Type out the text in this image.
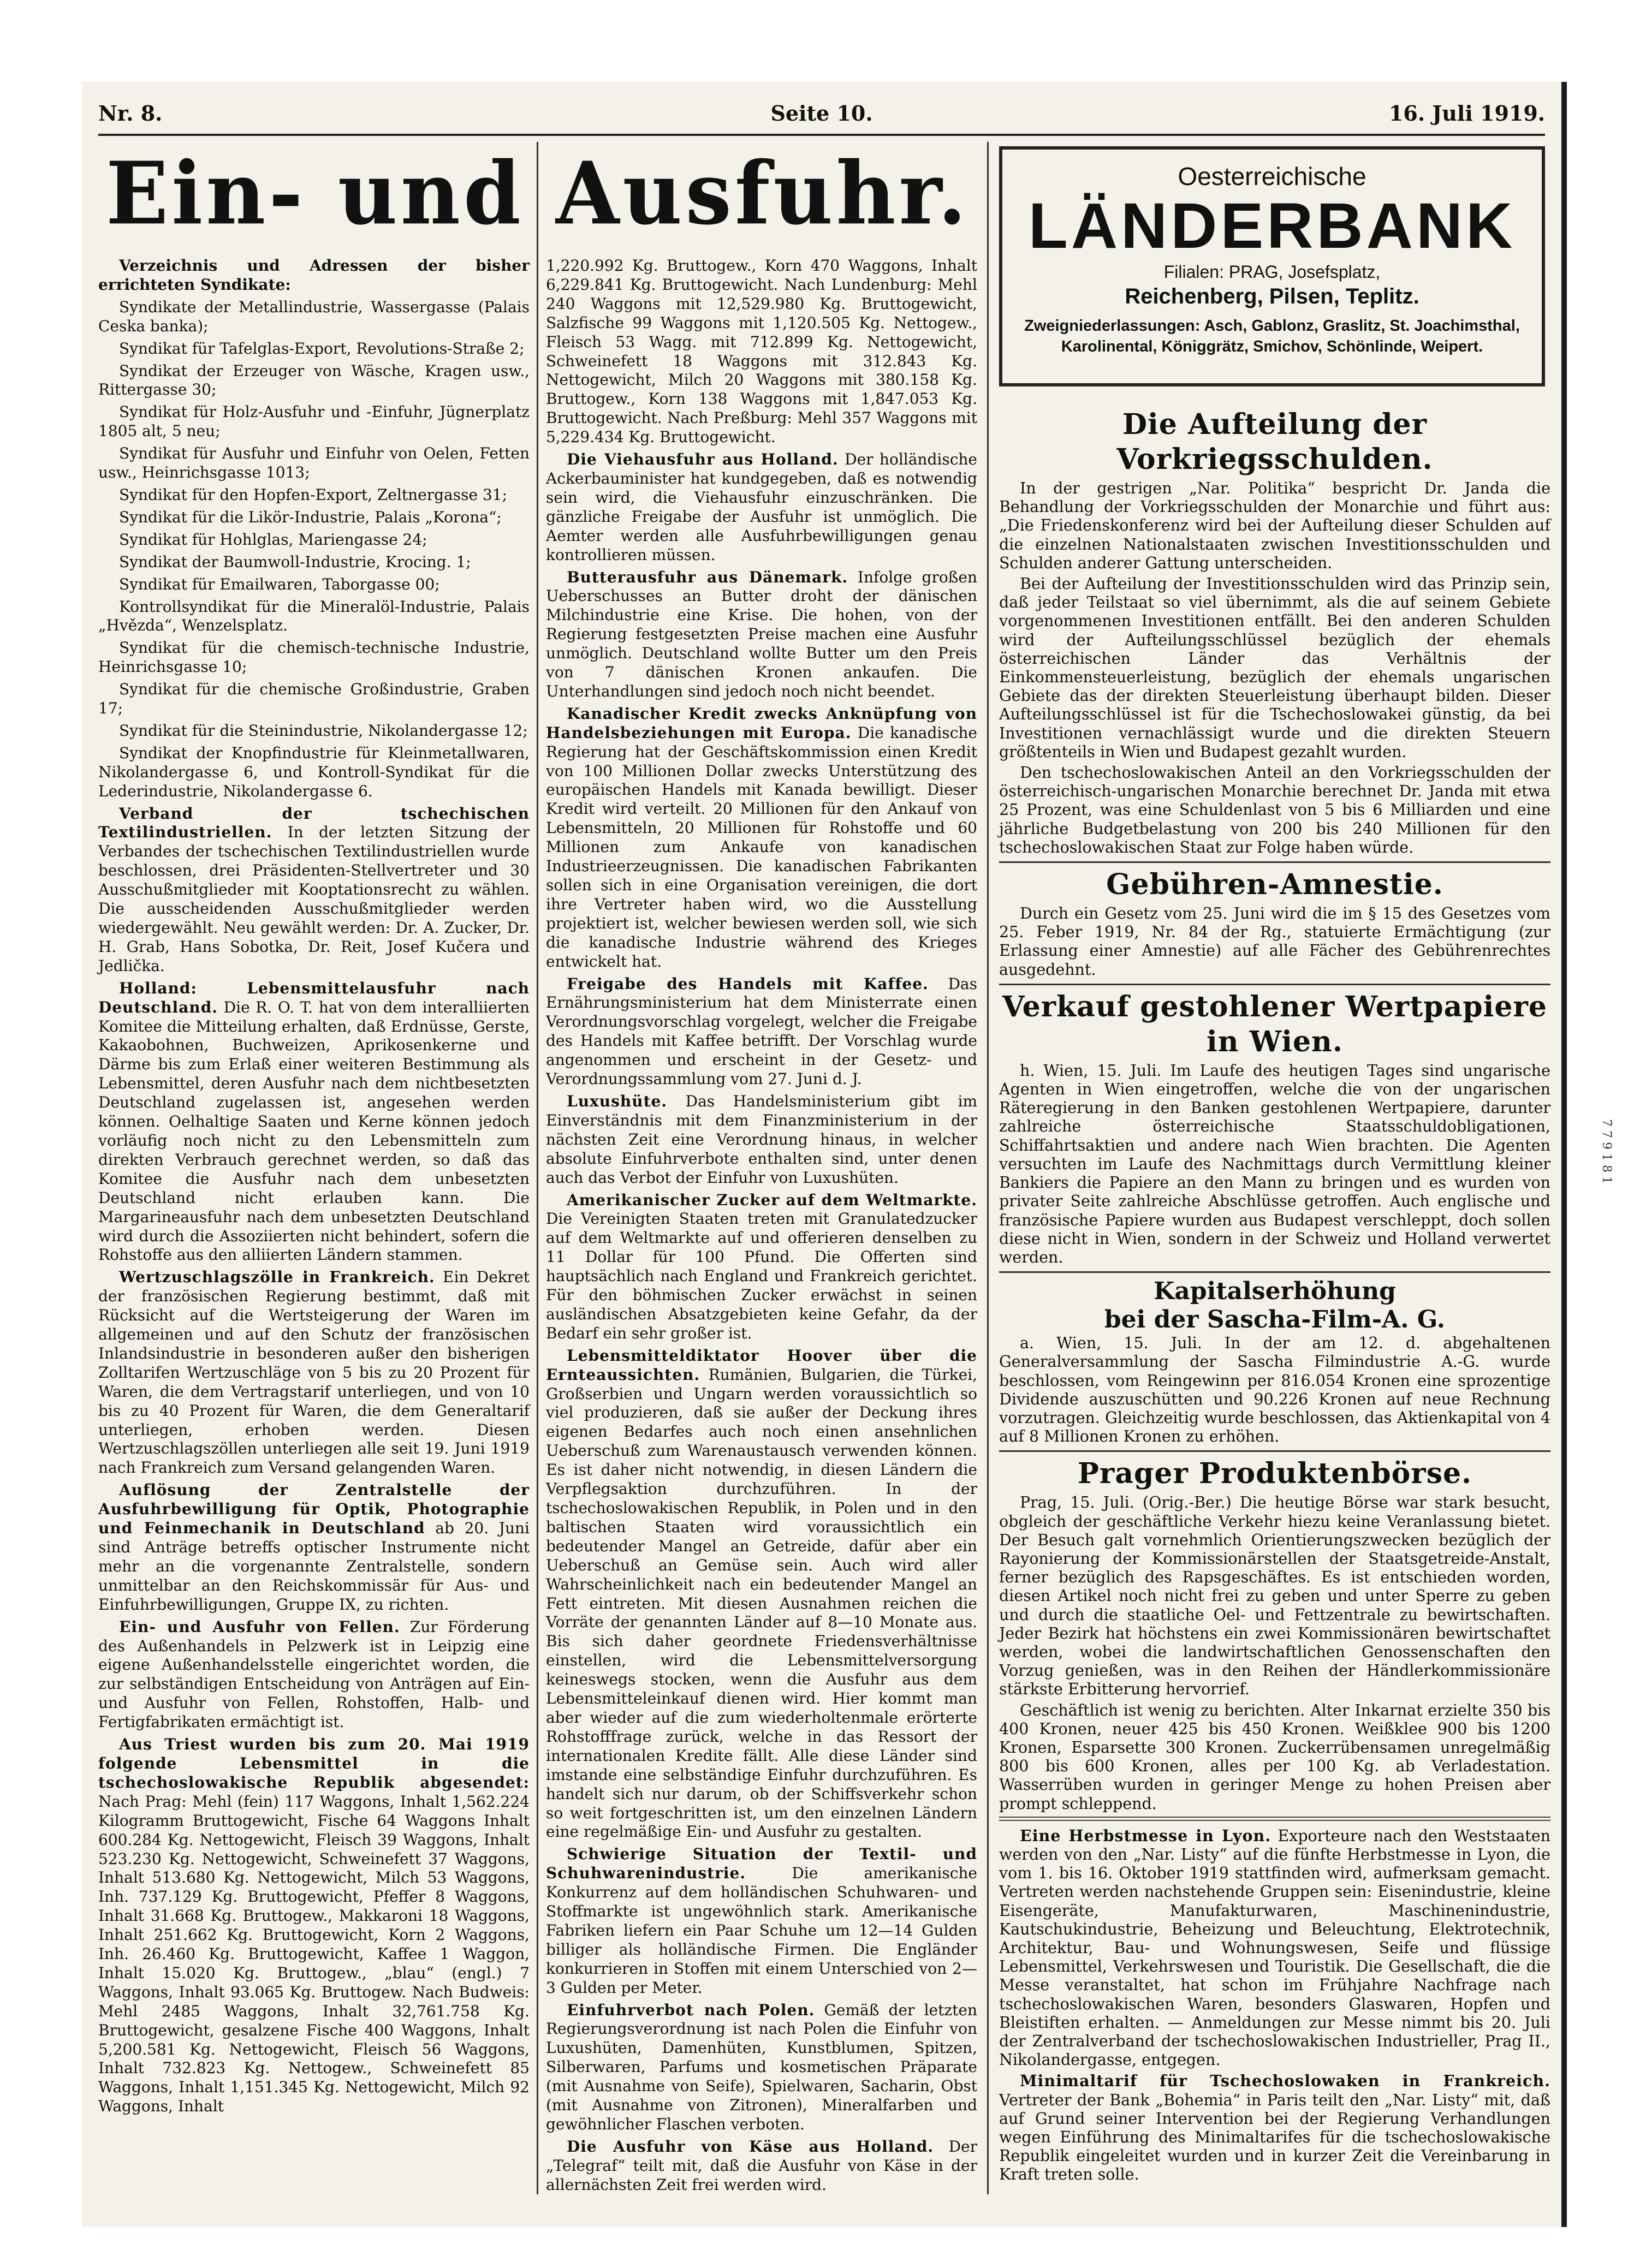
Nr. 8.	Seite 10.	16. Juli 1919.
Ein- und Ausfuhr.

Verzeichnis und Adressen der bisher errichteten Syndikate:

Syndikate der Metallindustrie, Wassergasse (Palais Ceska banka);

Syndikat für Tafelglas-Export, Revolutions-Straße 2;

Syndikat der Erzeuger von Wäsche, Kragen usw., Rittergasse 30;

Syndikat für Holz-Ausfuhr und -Einfuhr, Jügnerplatz 1805 alt, 5 neu;

Syndikat für Ausfuhr und Einfuhr von Oelen, Fetten usw., Heinrichsgasse 1013;

Syndikat für den Hopfen-Export, Zeltnergasse 31;

Syndikat für die Likör-Industrie, Palais „Korona“;

Syndikat für Hohlglas, Mariengasse 24;

Syndikat der Baumwoll-Industrie, Krocing. 1;

Syndikat für Emailwaren, Taborgasse 00;

Kontrollsyndikat für die Mineralöl-Industrie, Palais „Hvězda“, Wenzelsplatz.

Syndikat für die chemisch-technische Industrie, Heinrichsgasse 10;

Syndikat für die chemische Großindustrie, Graben 17;

Syndikat für die Steinindustrie, Nikolandergasse 12;

Syndikat der Knopfindustrie für Kleinmetallwaren, Nikolandergasse 6, und Kontroll-Syndikat für die Lederindustrie, Nikolandergasse 6.

Verband der tschechischen Textilindustriellen. In der letzten Sitzung der Verbandes der tschechischen Textilindustriellen wurde beschlossen, drei Präsidenten-Stellvertreter und 30 Ausschußmitglieder mit Kooptationsrecht zu wählen. Die ausscheidenden Ausschußmitglieder werden wiedergewählt. Neu gewählt werden: Dr. A. Zucker, Dr. H. Grab, Hans Sobotka, Dr. Reit, Josef Kučera und Jedlička.

Holland: Lebensmittelausfuhr nach Deutschland. Die R. O. T. hat von dem interalliierten Komitee die Mitteilung erhalten, daß Erdnüsse, Gerste, Kakaobohnen, Buchweizen, Aprikosenkerne und Därme bis zum Erlaß einer weiteren Bestimmung als Lebensmittel, deren Ausfuhr nach dem nichtbesetzten Deutschland zugelassen ist, angesehen werden können. Oelhaltige Saaten und Kerne können jedoch vorläufig noch nicht zu den Lebensmitteln zum direkten Verbrauch gerechnet werden, so daß das Komitee die Ausfuhr nach dem unbesetzten Deutschland nicht erlauben kann. Die Margarineausfuhr nach dem unbesetzten Deutschland wird durch die Assoziierten nicht behindert, sofern die Rohstoffe aus den alliierten Ländern stammen.

Wertzuschlagszölle in Frankreich. Ein Dekret der französischen Regierung bestimmt, daß mit Rücksicht auf die Wertsteigerung der Waren im allgemeinen und auf den Schutz der französischen Inlandsindustrie in besonderen außer den bisherigen Zolltarifen Wertzuschläge von 5 bis zu 20 Prozent für Waren, die dem Vertragstarif unterliegen, und von 10 bis zu 40 Prozent für Waren, die dem Generaltarif unterliegen, erhoben werden. Diesen Wertzuschlagszöllen unterliegen alle seit 19. Juni 1919 nach Frankreich zum Versand gelangenden Waren.

Auflösung der Zentralstelle der Ausfuhrbewilligung für Optik, Photographie und Feinmechanik in Deutschland ab 20. Juni sind Anträge betreffs optischer Instrumente nicht mehr an die vorgenannte Zentralstelle, sondern unmittelbar an den Reichskommissär für Aus- und Einfuhrbewilligungen, Gruppe IX, zu richten.

Ein- und Ausfuhr von Fellen. Zur Förderung des Außenhandels in Pelzwerk ist in Leipzig eine eigene Außenhandelsstelle eingerichtet worden, die zur selbständigen Entscheidung von Anträgen auf Ein- und Ausfuhr von Fellen, Rohstoffen, Halb- und Fertigfabrikaten ermächtigt ist.

Aus Triest wurden bis zum 20. Mai 1919 folgende Lebensmittel in die tschechoslowakische Republik abgesendet: Nach Prag: Mehl (fein) 117 Waggons, Inhalt 1,562.224 Kilogramm Bruttogewicht, Fische 64 Waggons Inhalt 600.284 Kg. Nettogewicht, Fleisch 39 Waggons, Inhalt 523.230 Kg. Nettogewicht, Schweinefett 37 Waggons, Inhalt 513.680 Kg. Nettogewicht, Milch 53 Waggons, Inh. 737.129 Kg. Bruttogewicht, Pfeffer 8 Waggons, Inhalt 31.668 Kg. Bruttogew., Makkaroni 18 Waggons, Inhalt 251.662 Kg. Bruttogewicht, Korn 2 Waggons, Inh. 26.460 Kg. Bruttogewicht, Kaffee 1 Waggon, Inhalt 15.020 Kg. Bruttogew., „blau“ (engl.) 7 Waggons, Inhalt 93.065 Kg. Bruttogew. Nach Budweis: Mehl 2485 Waggons, Inhalt 32,761.758 Kg. Bruttogewicht, gesalzene Fische 400 Waggons, Inhalt 5,200.581 Kg. Nettogewicht, Fleisch 56 Waggons, Inhalt 732.823 Kg. Nettogew., Schweinefett 85 Waggons, Inhalt 1,151.345 Kg. Nettogewicht, Milch 92 Waggons, Inhalt

1,220.992 Kg. Bruttogew., Korn 470 Waggons, Inhalt 6,229.841 Kg. Bruttogewicht. Nach Lundenburg: Mehl 240 Waggons mit 12,529.980 Kg. Bruttogewicht, Salzfische 99 Waggons mit 1,120.505 Kg. Nettogew., Fleisch 53 Wagg. mit 712.899 Kg. Nettogewicht, Schweinefett 18 Waggons mit 312.843 Kg. Nettogewicht, Milch 20 Waggons mit 380.158 Kg. Bruttogew., Korn 138 Waggons mit 1,847.053 Kg. Bruttogewicht. Nach Preßburg: Mehl 357 Waggons mit 5,229.434 Kg. Bruttogewicht.

Die Viehausfuhr aus Holland. Der holländische Ackerbauminister hat kundgegeben, daß es notwendig sein wird, die Viehausfuhr einzuschränken. Die gänzliche Freigabe der Ausfuhr ist unmöglich. Die Aemter werden alle Ausfuhrbewilligungen genau kontrollieren müssen.

Butterausfuhr aus Dänemark. Infolge großen Ueberschusses an Butter droht der dänischen Milchindustrie eine Krise. Die hohen, von der Regierung festgesetzten Preise machen eine Ausfuhr unmöglich. Deutschland wollte Butter um den Preis von 7 dänischen Kronen ankaufen. Die Unterhandlungen sind jedoch noch nicht beendet.

Kanadischer Kredit zwecks Anknüpfung von Handelsbeziehungen mit Europa. Die kanadische Regierung hat der Geschäftskommission einen Kredit von 100 Millionen Dollar zwecks Unterstützung des europäischen Handels mit Kanada bewilligt. Dieser Kredit wird verteilt. 20 Millionen für den Ankauf von Lebensmitteln, 20 Millionen für Rohstoffe und 60 Millionen zum Ankaufe von kanadischen Industrieerzeugnissen. Die kanadischen Fabrikanten sollen sich in eine Organisation vereinigen, die dort ihre Vertreter haben wird, wo die Ausstellung projektiert ist, welcher bewiesen werden soll, wie sich die kanadische Industrie während des Krieges entwickelt hat.

Freigabe des Handels mit Kaffee. Das Ernährungsministerium hat dem Ministerrate einen Verordnungsvorschlag vorgelegt, welcher die Freigabe des Handels mit Kaffee betrifft. Der Vorschlag wurde angenommen und erscheint in der Gesetz- und Verordnungssammlung vom 27. Juni d. J.

Luxushüte. Das Handelsministerium gibt im Einverständnis mit dem Finanzministerium in der nächsten Zeit eine Verordnung hinaus, in welcher absolute Einfuhrverbote enthalten sind, unter denen auch das Verbot der Einfuhr von Luxushüten.

Amerikanischer Zucker auf dem Weltmarkte. Die Vereinigten Staaten treten mit Granulatedzucker auf dem Weltmarkte auf und offerieren denselben zu 11 Dollar für 100 Pfund. Die Offerten sind hauptsächlich nach England und Frankreich gerichtet. Für den böhmischen Zucker erwächst in seinen ausländischen Absatzgebieten keine Gefahr, da der Bedarf ein sehr großer ist.

Lebensmitteldiktator Hoover über die Ernteaussichten. Rumänien, Bulgarien, die Türkei, Großserbien und Ungarn werden voraussichtlich so viel produzieren, daß sie außer der Deckung ihres eigenen Bedarfes auch noch einen ansehnlichen Ueberschuß zum Warenaustausch verwenden können. Es ist daher nicht notwendig, in diesen Ländern die Verpflegsaktion durchzuführen. In der tschechoslowakischen Republik, in Polen und in den baltischen Staaten wird voraussichtlich ein bedeutender Mangel an Getreide, dafür aber ein Ueberschuß an Gemüse sein. Auch wird aller Wahrscheinlichkeit nach ein bedeutender Mangel an Fett eintreten. Mit diesen Ausnahmen reichen die Vorräte der genannten Länder auf 8—10 Monate aus. Bis sich daher geordnete Friedensverhältnisse einstellen, wird die Lebensmittelversorgung keineswegs stocken, wenn die Ausfuhr aus dem Lebensmitteleinkauf dienen wird. Hier kommt man aber wieder auf die zum wiederholtenmale erörterte Rohstofffrage zurück, welche in das Ressort der internationalen Kredite fällt. Alle diese Länder sind imstande eine selbständige Einfuhr durchzuführen. Es handelt sich nur darum, ob der Schiffsverkehr schon so weit fortgeschritten ist, um den einzelnen Ländern eine regelmäßige Ein- und Ausfuhr zu gestalten.

Schwierige Situation der Textil- und Schuhwarenindustrie. Die amerikanische Konkurrenz auf dem holländischen Schuhwaren- und Stoffmarkte ist ungewöhnlich stark. Amerikanische Fabriken liefern ein Paar Schuhe um 12—14 Gulden billiger als holländische Firmen. Die Engländer konkurrieren in Stoffen mit einem Unterschied von 2—3 Gulden per Meter.

Einfuhrverbot nach Polen. Gemäß der letzten Regierungsverordnung ist nach Polen die Einfuhr von Luxushüten, Damenhüten, Kunstblumen, Spitzen, Silberwaren, Parfums und kosmetischen Präparate (mit Ausnahme von Seife), Spielwaren, Sacharin, Obst (mit Ausnahme von Zitronen), Mineralfarben und gewöhnlicher Flaschen verboten.

Die Ausfuhr von Käse aus Holland. Der „Telegraf“ teilt mit, daß die Ausfuhr von Käse in der allernächsten Zeit frei werden wird.

Oesterreichische
LÄNDERBANK
Filialen: PRAG, Josefsplatz,
Reichenberg, Pilsen, Teplitz.
Zweigniederlassungen: Asch, Gablonz, Graslitz, St. Joachimsthal, Karolinental, Königgrätz, Smichov, Schönlinde, Weipert.
Die Aufteilung der Vorkriegsschulden.

In der gestrigen „Nar. Politika“ bespricht Dr. Janda die Behandlung der Vorkriegsschulden der Monarchie und führt aus: „Die Friedenskonferenz wird bei der Aufteilung dieser Schulden auf die einzelnen Nationalstaaten zwischen Investitionsschulden und Schulden anderer Gattung unterscheiden.

Bei der Aufteilung der Investitionsschulden wird das Prinzip sein, daß jeder Teilstaat so viel übernimmt, als die auf seinem Gebiete vorgenommenen Investitionen entfällt. Bei den anderen Schulden wird der Aufteilungsschlüssel bezüglich der ehemals österreichischen Länder das Verhältnis der Einkommensteuerleistung, bezüglich der ehemals ungarischen Gebiete das der direkten Steuerleistung überhaupt bilden. Dieser Aufteilungsschlüssel ist für die Tschechoslowakei günstig, da bei Investitionen vernachlässigt wurde und die direkten Steuern größtenteils in Wien und Budapest gezahlt wurden.

Den tschechoslowakischen Anteil an den Vorkriegsschulden der österreichisch-ungarischen Monarchie berechnet Dr. Janda mit etwa 25 Prozent, was eine Schuldenlast von 5 bis 6 Milliarden und eine jährliche Budgetbelastung von 200 bis 240 Millionen für den tschechoslowakischen Staat zur Folge haben würde.

Gebühren-Amnestie.

Durch ein Gesetz vom 25. Juni wird die im § 15 des Gesetzes vom 25. Feber 1919, Nr. 84 der Rg., statuierte Ermächtigung (zur Erlassung einer Amnestie) auf alle Fächer des Gebührenrechtes ausgedehnt.

Verkauf gestohlener Wertpapiere in Wien.

h. Wien, 15. Juli. Im Laufe des heutigen Tages sind ungarische Agenten in Wien eingetroffen, welche die von der ungarischen Räteregierung in den Banken gestohlenen Wertpapiere, darunter zahlreiche österreichische Staatsschuldobligationen, Schiffahrtsaktien und andere nach Wien brachten. Die Agenten versuchten im Laufe des Nachmittags durch Vermittlung kleiner Bankiers die Papiere an den Mann zu bringen und es wurden von privater Seite zahlreiche Abschlüsse getroffen. Auch englische und französische Papiere wurden aus Budapest verschleppt, doch sollen diese nicht in Wien, sondern in der Schweiz und Holland verwertet werden.

Kapitalserhöhung
bei der Sascha-Film-A. G.

a. Wien, 15. Juli. In der am 12. d. abgehaltenen Generalversammlung der Sascha Filmindustrie A.-G. wurde beschlossen, vom Reingewinn per 816.054 Kronen eine sprozentige Dividende auszuschütten und 90.226 Kronen auf neue Rechnung vorzutragen. Gleichzeitig wurde beschlossen, das Aktienkapital von 4 auf 8 Millionen Kronen zu erhöhen.

Prager Produktenbörse.

Prag, 15. Juli. (Orig.-Ber.) Die heutige Börse war stark besucht, obgleich der geschäftliche Verkehr hiezu keine Veranlassung bietet. Der Besuch galt vornehmlich Orientierungszwecken bezüglich der Rayonierung der Kommissionärstellen der Staatsgetreide-Anstalt, ferner bezüglich des Rapsgeschäftes. Es ist entschieden worden, diesen Artikel noch nicht frei zu geben und unter Sperre zu geben und durch die staatliche Oel- und Fettzentrale zu bewirtschaften. Jeder Bezirk hat höchstens ein zwei Kommissionären bewirtschaftet werden, wobei die landwirtschaftlichen Genossenschaften den Vorzug genießen, was in den Reihen der Händlerkommissionäre stärkste Erbitterung hervorrief.

Geschäftlich ist wenig zu berichten. Alter Inkarnat erzielte 350 bis 400 Kronen, neuer 425 bis 450 Kronen. Weißklee 900 bis 1200 Kronen, Esparsette 300 Kronen. Zuckerrübensamen unregelmäßig 800 bis 600 Kronen, alles per 100 Kg. ab Verladestation. Wasserrüben wurden in geringer Menge zu hohen Preisen aber prompt schleppend.

Eine Herbstmesse in Lyon. Exporteure nach den Weststaaten werden von den „Nar. Listy“ auf die fünfte Herbstmesse in Lyon, die vom 1. bis 16. Oktober 1919 stattfinden wird, aufmerksam gemacht. Vertreten werden nachstehende Gruppen sein: Eisenindustrie, kleine Eisengeräte, Manufakturwaren, Maschinenindustrie, Kautschukindustrie, Beheizung und Beleuchtung, Elektrotechnik, Architektur, Bau- und Wohnungswesen, Seife und flüssige Lebensmittel, Verkehrswesen und Touristik. Die Gesellschaft, die die Messe veranstaltet, hat schon im Frühjahre Nachfrage nach tschechoslowakischen Waren, besonders Glaswaren, Hopfen und Bleistiften erhalten. — Anmeldungen zur Messe nimmt bis 20. Juli der Zentralverband der tschechoslowakischen Industrieller, Prag II., Nikolandergasse, entgegen.

Minimaltarif für Tschechoslowaken in Frankreich. Vertreter der Bank „Bohemia“ in Paris teilt den „Nar. Listy“ mit, daß auf Grund seiner Intervention bei der Regierung Verhandlungen wegen Einführung des Minimaltarifes für die tschechoslowakische Republik eingeleitet wurden und in kurzer Zeit die Vereinbarung in Kraft treten solle.

7 7 9 1 8 1
